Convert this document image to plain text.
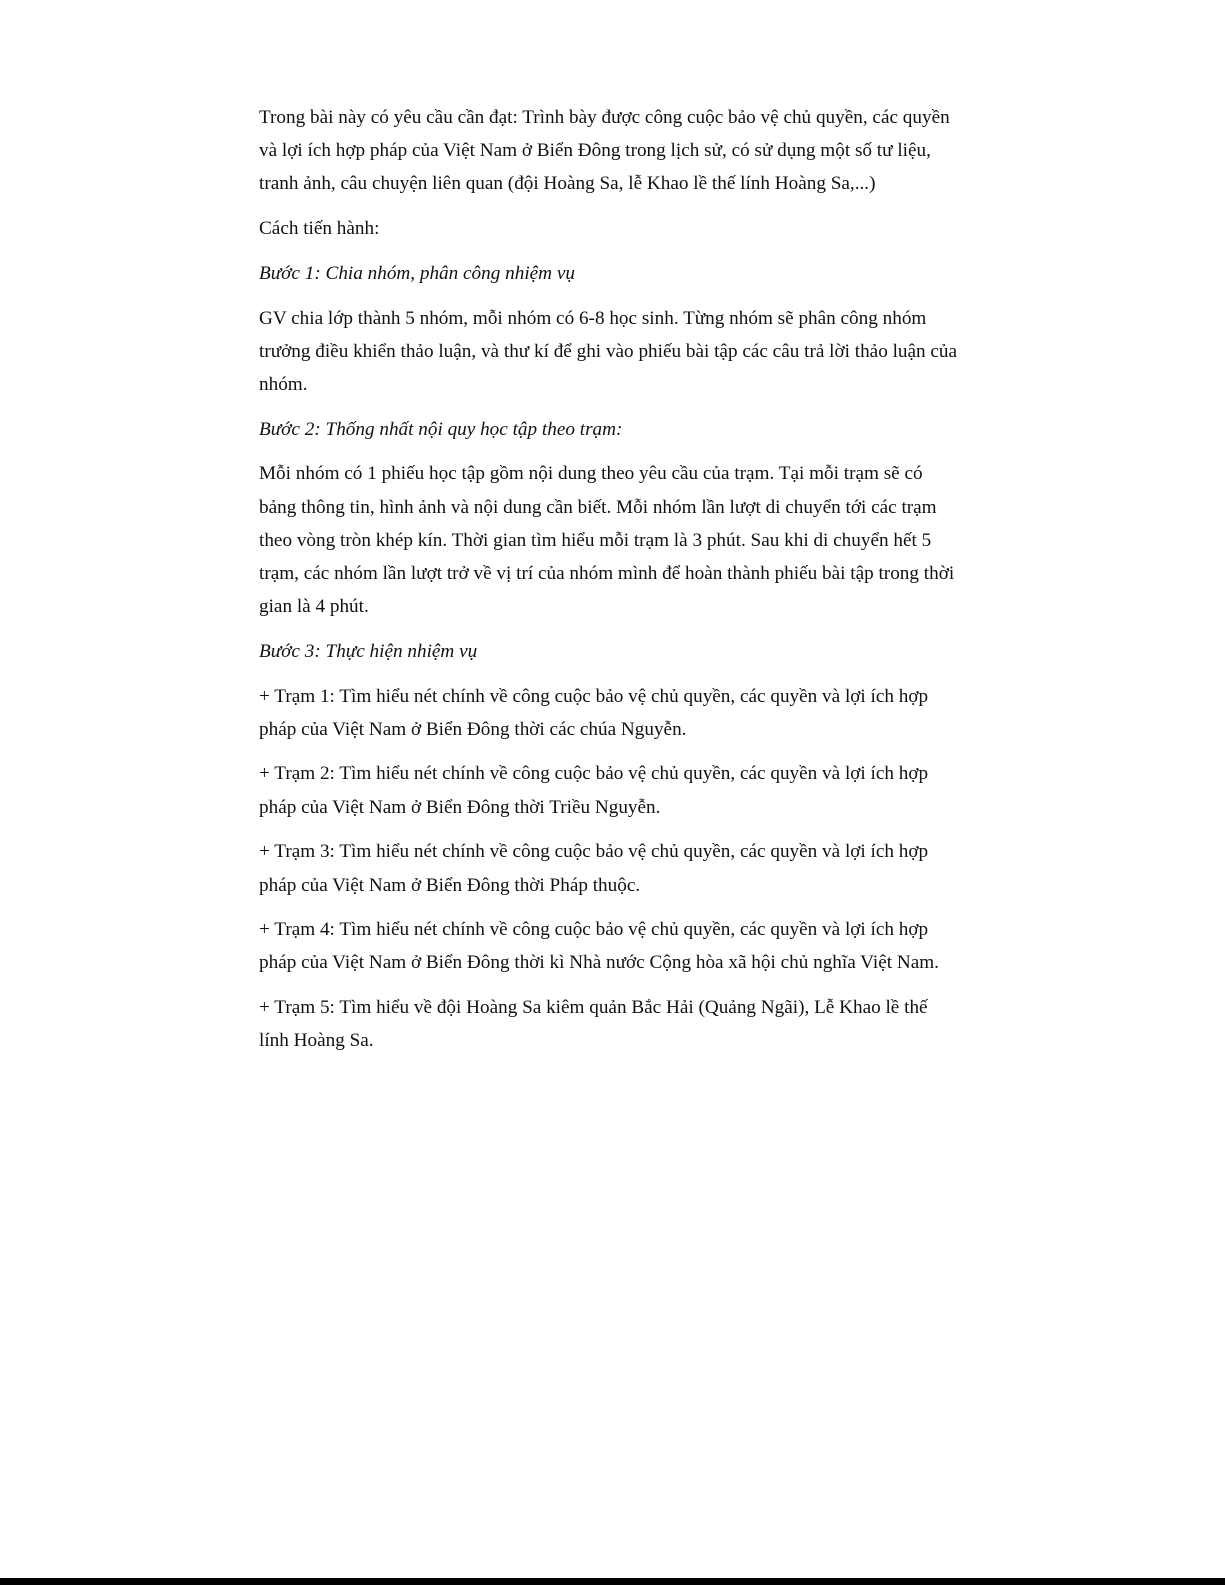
Trong bài này có yêu cầu cần đạt: Trình bày được công cuộc bảo vệ chủ quyền, các quyền và lợi ích hợp pháp của Việt Nam ở Biển Đông trong lịch sử, có sử dụng một số tư liệu, tranh ảnh, câu chuyện liên quan (đội Hoàng Sa, lễ Khao lề thế lính Hoàng Sa,...)

Cách tiến hành:

Bước 1: Chia nhóm, phân công nhiệm vụ

GV chia lớp thành 5 nhóm, mỗi nhóm có 6-8 học sinh. Từng nhóm sẽ phân công nhóm trưởng điều khiển thảo luận, và thư kí để ghi vào phiếu bài tập các câu trả lời thảo luận của nhóm.

Bước 2: Thống nhất nội quy học tập theo trạm:

Mỗi nhóm có 1 phiếu học tập gồm nội dung theo yêu cầu của trạm. Tại mỗi trạm sẽ có bảng thông tin, hình ảnh và nội dung cần biết. Mỗi nhóm lần lượt di chuyển tới các trạm theo vòng tròn khép kín. Thời gian tìm hiểu mỗi trạm là 3 phút. Sau khi di chuyển hết 5 trạm, các nhóm lần lượt trở về vị trí của nhóm mình để hoàn thành phiếu bài tập trong thời gian là 4 phút.

Bước 3: Thực hiện nhiệm vụ

+ Trạm 1: Tìm hiểu nét chính về công cuộc bảo vệ chủ quyền, các quyền và lợi ích hợp pháp của Việt Nam ở Biển Đông thời các chúa Nguyễn.

+ Trạm 2: Tìm hiểu nét chính về công cuộc bảo vệ chủ quyền, các quyền và lợi ích hợp pháp của Việt Nam ở Biển Đông thời Triều Nguyễn.

+ Trạm 3: Tìm hiểu nét chính về công cuộc bảo vệ chủ quyền, các quyền và lợi ích hợp pháp của Việt Nam ở Biển Đông thời Pháp thuộc.

+ Trạm 4: Tìm hiểu nét chính về công cuộc bảo vệ chủ quyền, các quyền và lợi ích hợp pháp của Việt Nam ở Biển Đông thời kì Nhà nước Cộng hòa xã hội chủ nghĩa Việt Nam.

+ Trạm 5: Tìm hiểu về đội Hoàng Sa kiêm quản Bắc Hải (Quảng Ngãi), Lễ Khao lề thế lính Hoàng Sa.
